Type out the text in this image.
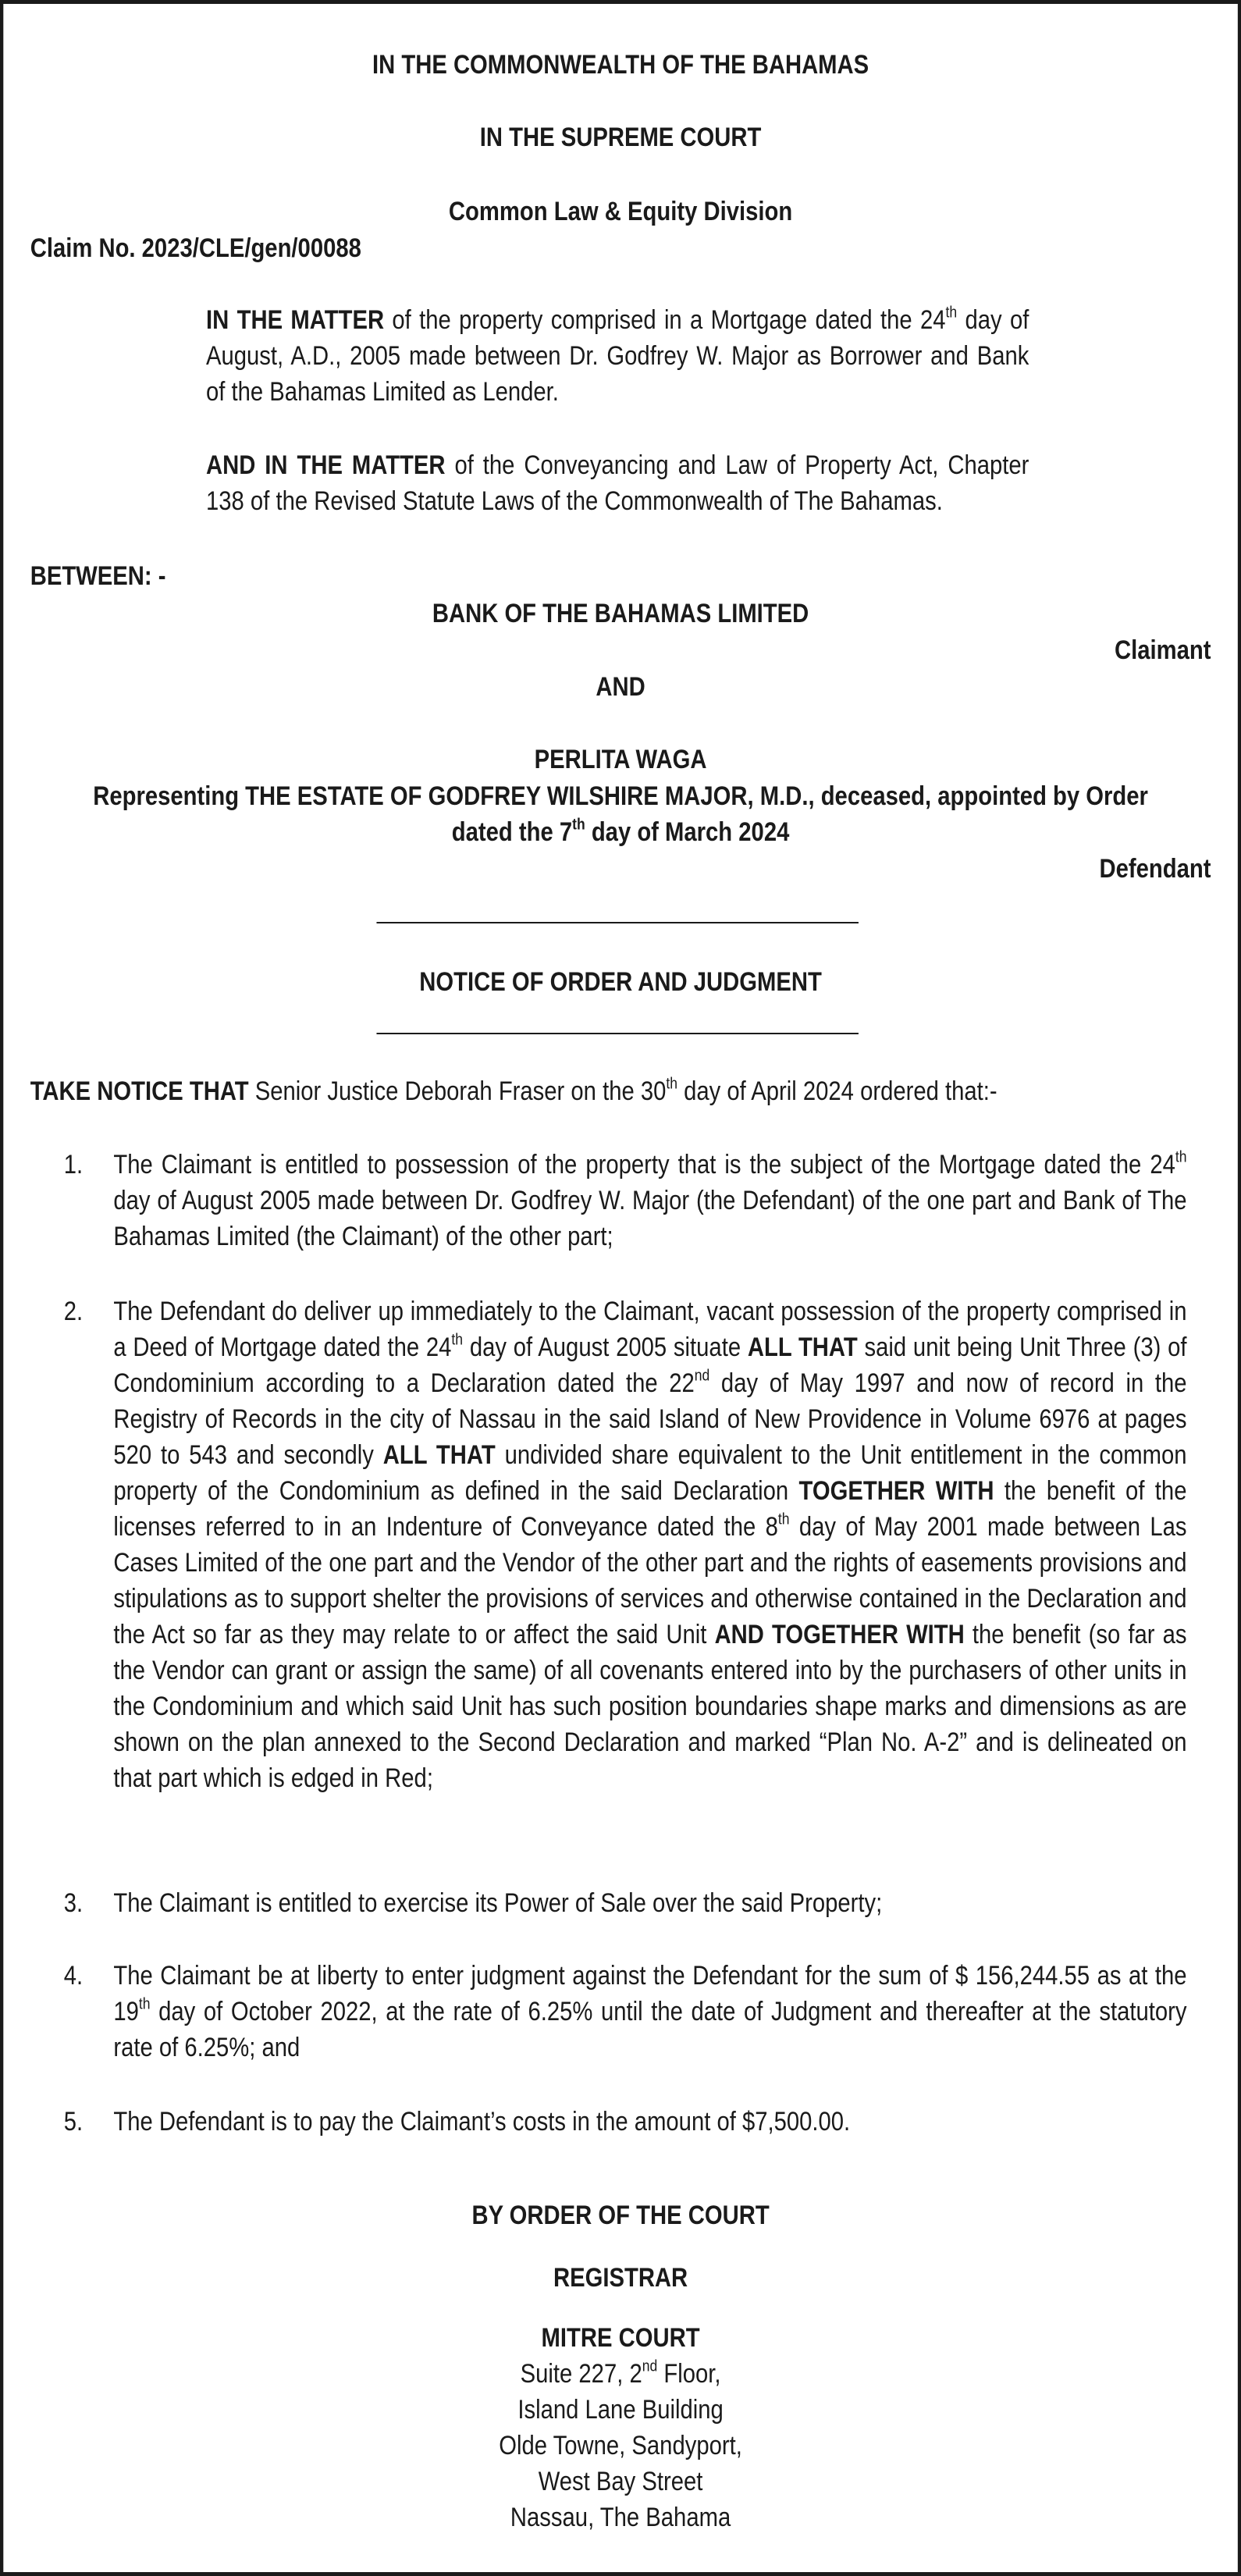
IN THE COMMONWEALTH OF THE BAHAMAS
IN THE SUPREME COURT
Common Law & Equity Division
Claim No. 2023/CLE/gen/00088
IN THE MATTER of the property comprised in a Mortgage dated the 24th day of August, A.D., 2005 made between Dr. Godfrey W. Major as Borrower and Bank of the Bahamas Limited as Lender.
AND IN THE MATTER of the Conveyancing and Law of Property Act, Chapter 138 of the Revised Statute Laws of the Commonwealth of The Bahamas.
BETWEEN: -
BANK OF THE BAHAMAS LIMITED
Claimant
AND
PERLITA WAGA
Representing THE ESTATE OF GODFREY WILSHIRE MAJOR, M.D., deceased, appointed by Order
dated the 7th day of March 2024
Defendant
NOTICE OF ORDER AND JUDGMENT
TAKE NOTICE THAT Senior Justice Deborah Fraser on the 30th day of April 2024 ordered that:-
1. The Claimant is entitled to possession of the property that is the subject of the Mortgage dated the 24th day of August 2005 made between Dr. Godfrey W. Major (the Defendant) of the one part and Bank of The Bahamas Limited (the Claimant) of the other part;
2. The Defendant do deliver up immediately to the Claimant, vacant possession of the property comprised in a Deed of Mortgage dated the 24th day of August 2005 situate ALL THAT said unit being Unit Three (3) of Condominium according to a Declaration dated the 22nd day of May 1997 and now of record in the Registry of Records in the city of Nassau in the said Island of New Providence in Volume 6976 at pages 520 to 543 and secondly ALL THAT undivided share equivalent to the Unit entitlement in the common property of the Condominium as defined in the said Declaration TOGETHER WITH the benefit of the licenses referred to in an Indenture of Conveyance dated the 8th day of May 2001 made between Las Cases Limited of the one part and the Vendor of the other part and the rights of easements provisions and stipulations as to support shelter the provisions of services and otherwise contained in the Declaration and the Act so far as they may relate to or affect the said Unit AND TOGETHER WITH the benefit (so far as the Vendor can grant or assign the same) of all covenants entered into by the purchasers of other units in the Condominium and which said Unit has such position boundaries shape marks and dimensions as are shown on the plan annexed to the Second Declaration and marked “Plan No. A-2” and is delineated on that part which is edged in Red;
3. The Claimant is entitled to exercise its Power of Sale over the said Property;
4. The Claimant be at liberty to enter judgment against the Defendant for the sum of $ 156,244.55 as at the 19th day of October 2022, at the rate of 6.25% until the date of Judgment and thereafter at the statutory rate of 6.25%; and
5. The Defendant is to pay the Claimant’s costs in the amount of $7,500.00.
BY ORDER OF THE COURT
REGISTRAR
MITRE COURT
Suite 227, 2nd Floor,
Island Lane Building
Olde Towne, Sandyport,
West Bay Street
Nassau, The Bahama
